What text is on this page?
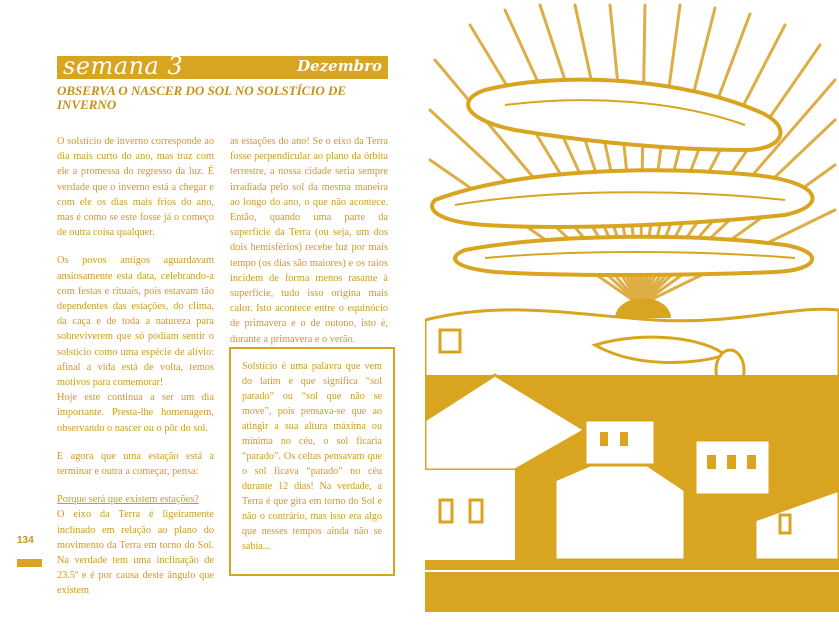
semana 3	Dezembro
OBSERVA O NASCER DO SOL NO SOLSTÍCIO DE INVERNO

O solstício de inverno corresponde ao dia mais curto do ano, mas traz com ele a promessa do regresso da luz. É verdade que o inverno está a chegar e com ele os dias mais frios do ano, mas é como se este fosse já o começo de outra coisa qualquer.

Os povos antigos aguardavam ansiosamente esta data, celebrando-a com festas e rituais, pois estavam tão dependentes das estações, do clima, da caça e de toda a natureza para sobreviverem que só podiam sentir o solstício como uma espécie de alívio: afinal a vida está de volta, temos motivos para comemorar!

Hoje este continua a ser um dia importante. Presta-lhe homenagem, observando o nascer ou o pôr do sol.

E agora que uma estação está a terminar e outra a começar, pensa:

Porque será que existem estações?
O eixo da Terra é ligeiramente inclinado em relação ao plano do movimento da Terra em torno do Sol. Na verdade tem uma inclinação de 23.5º e é por causa deste ângulo que existem

as estações do ano! Se o eixo da Terra fosse perpendicular ao plano da órbita terrestre, a nossa cidade seria sempre irradiada pelo sol da mesma maneira ao longo do ano, o que não acontece. Então, quando uma parte da superfície da Terra (ou seja, um dos dois hemisférios) recebe luz por mais tempo (os dias são maiores) e os raios incidem de forma menos rasante à superfície, tudo isso origina mais calor. Isto acontece entre o equinócio de primavera e o de outono, isto é, durante a primavera e o verão.

Solstício é uma palavra que vem do latim e que significa “sol parado” ou “sol que não se move”, pois pensava-se que ao atingir a sua altura máxima ou mínima no céu, o sol ficaria “parado”. Os celtas pensavam que o sol ficava “parado” no céu durante 12 dias! Na verdade, a Terra é que gira em torno do Sol e não o contrário, mas isso era algo que nesses tempos ainda não se sabia...
134
